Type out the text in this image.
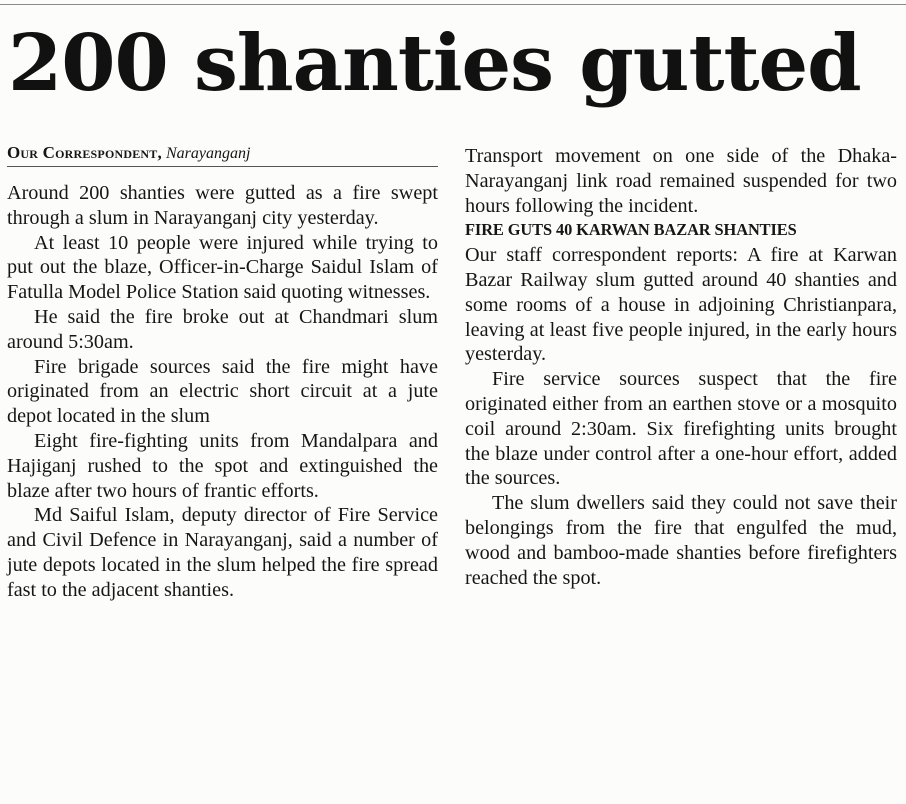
200 shanties gutted
Our Correspondent, Narayanganj

Around 200 shanties were gutted as a fire swept through a slum in Narayanganj city yesterday.

At least 10 people were injured while trying to put out the blaze, Officer-in-Charge Saidul Islam of Fatulla Model Police Station said quoting witnesses.

He said the fire broke out at Chandmari slum around 5:30am.

Fire brigade sources said the fire might have originated from an electric short circuit at a jute depot located in the slum

Eight fire-fighting units from Mandalpara and Hajiganj rushed to the spot and extinguished the blaze after two hours of frantic efforts.

Md Saiful Islam, deputy director of Fire Service and Civil Defence in Narayanganj, said a number of jute depots located in the slum helped the fire spread fast to the adjacent shanties.

Transport movement on one side of the Dhaka-Narayanganj link road remained suspended for two hours following the incident.

FIRE GUTS 40 KARWAN BAZAR SHANTIES

Our staff correspondent reports: A fire at Karwan Bazar Railway slum gutted around 40 shanties and some rooms of a house in adjoining Christianpara, leaving at least five people injured, in the early hours yesterday.

Fire service sources suspect that the fire originated either from an earthen stove or a mosquito coil around 2:30am. Six firefighting units brought the blaze under control after a one-hour effort, added the sources.

The slum dwellers said they could not save their belongings from the fire that engulfed the mud, wood and bamboo-made shanties before firefighters reached the spot.
